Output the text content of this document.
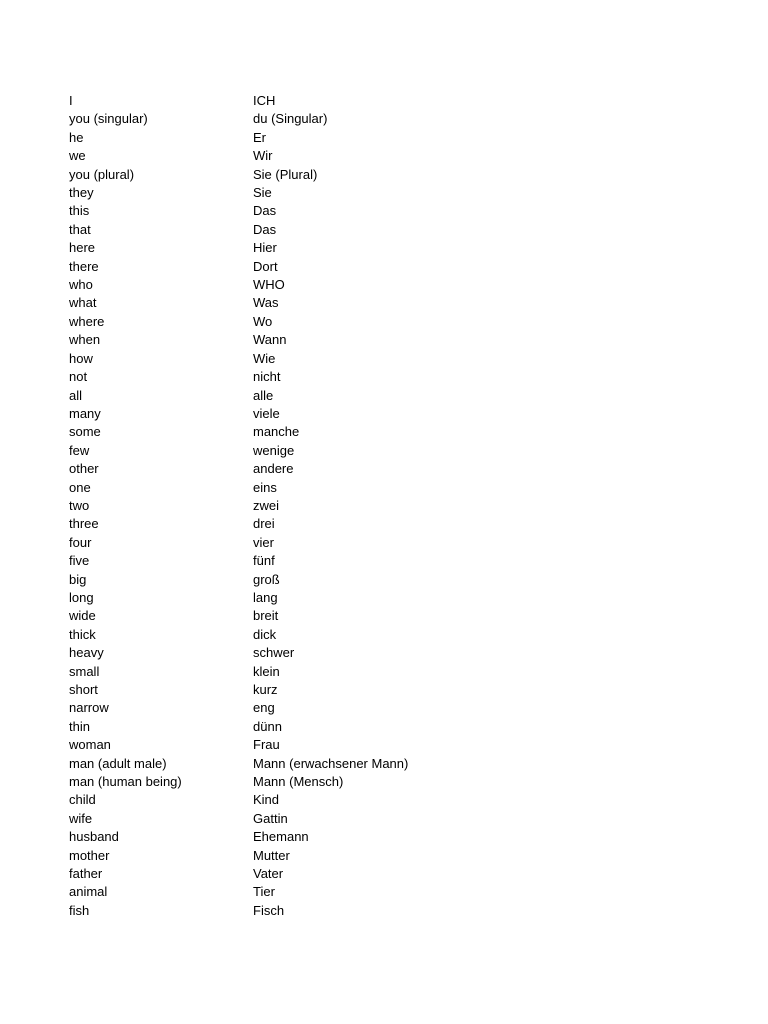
I	ICH
you (singular)	du (Singular)
he	Er
we	Wir
you (plural)	Sie (Plural)
they	Sie
this	Das
that	Das
here	Hier
there	Dort
who	WHO
what	Was
where	Wo
when	Wann
how	Wie
not	nicht
all	alle
many	viele
some	manche
few	wenige
other	andere
one	eins
two	zwei
three	drei
four	vier
five	fünf
big	groß
long	lang
wide	breit
thick	dick
heavy	schwer
small	klein
short	kurz
narrow	eng
thin	dünn
woman	Frau
man (adult male)	Mann (erwachsener Mann)
man (human being)	Mann (Mensch)
child	Kind
wife	Gattin
husband	Ehemann
mother	Mutter
father	Vater
animal	Tier
fish	Fisch
